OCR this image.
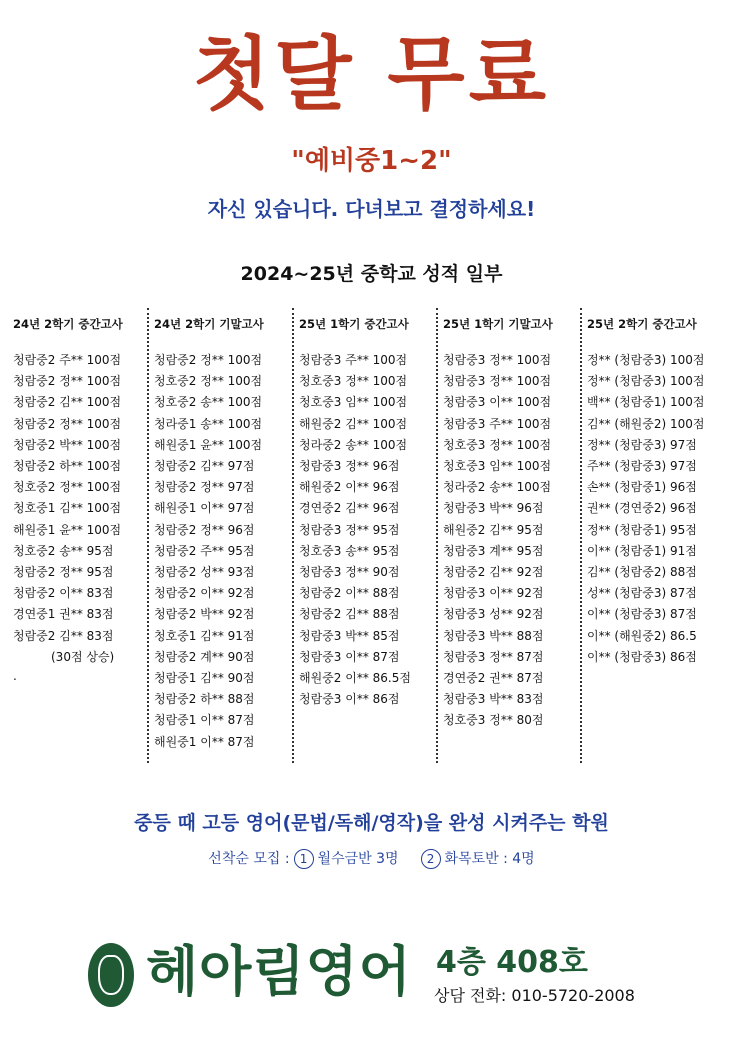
첫달 무료
"예비중1~2"
자신 있습니다. 다녀보고 결정하세요!
2024~25년 중학교 성적 일부
24년 2학기 중간고사
청람중2 주** 100점
청람중2 정** 100점
청람중2 김** 100점
청람중2 정** 100점
청람중2 박** 100점
청람중2 하** 100점
청호중2 정** 100점
청호중1 김** 100점
해원중1 윤** 100점
청호중2 송** 95점
청람중2 정** 95점
청람중2 이** 83점
경연중1 권** 83점
청람중2 김** 83점
(30점 상승)
.
24년 2학기 기말고사
청람중2 정** 100점
청호중2 정** 100점
청호중2 송** 100점
청라중1 송** 100점
해원중1 윤** 100점
청람중2 김** 97점
청람중2 정** 97점
해원중1 이** 97점
청람중2 정** 96점
청람중2 주** 95점
청람중2 성** 93점
청람중2 이** 92점
청람중2 박** 92점
청호중1 김** 91점
청람중2 계** 90점
청람중1 김** 90점
청람중2 하** 88점
청람중1 이** 87점
해원중1 이** 87점
25년 1학기 중간고사
청람중3 주** 100점
청호중3 정** 100점
청호중3 임** 100점
해원중2 김** 100점
청라중2 송** 100점
청람중3 정** 96점
해원중2 이** 96점
경연중2 김** 96점
청람중3 정** 95점
청호중3 송** 95점
청람중3 정** 90점
청람중2 이** 88점
청람중2 김** 88점
청람중3 박** 85점
청람중3 이** 87점
해원중2 이** 86.5점
청람중3 이** 86점
25년 1학기 기말고사
청람중3 정** 100점
청람중3 정** 100점
청람중3 이** 100점
청람중3 주** 100점
청호중3 정** 100점
청호중3 임** 100점
청라중2 송** 100점
청람중3 박** 96점
해원중2 김** 95점
청람중3 계** 95점
청람중2 김** 92점
청람중3 이** 92점
청람중3 성** 92점
청람중3 박** 88점
청람중3 정** 87점
경연중2 권** 87점
청람중3 박** 83점
청호중3 정** 80점
25년 2학기 중간고사
정** (청람중3) 100점
정** (청람중3) 100점
백** (청람중1) 100점
김** (해원중2) 100점
정** (청람중3) 97점
주** (청람중3) 97점
손** (청람중1) 96점
권** (경연중2) 96점
정** (청람중1) 95점
이** (청람중1) 91점
김** (청람중2) 88점
성** (청람중3) 87점
이** (청람중3) 87점
이** (해원중2) 86.5
이** (청람중3) 86점
중등 때 고등 영어(문법/독해/영작)을 완성 시켜주는 학원
선착순 모집 : 1 월수금반 3명	2 화목토반 : 4명
헤아림영어 4층 408호
상담 전화: 010-5720-2008
